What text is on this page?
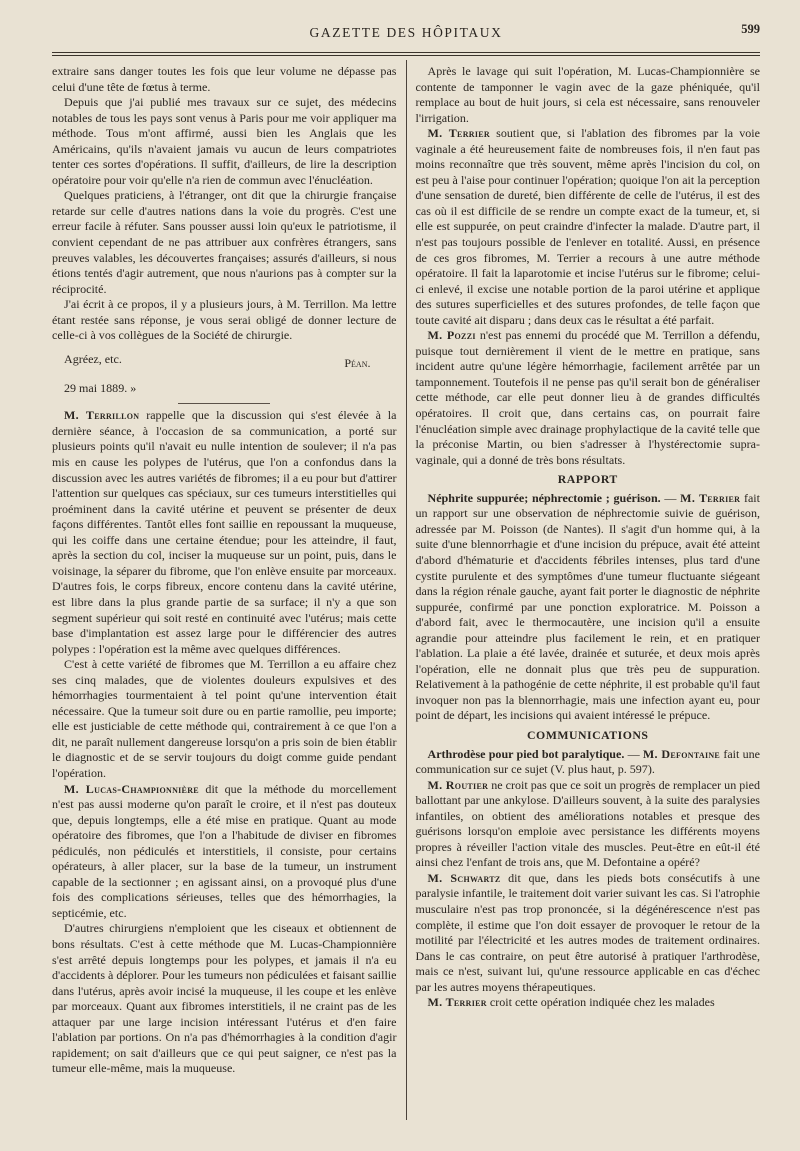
GAZETTE DES HÔPITAUX	599

extraire sans danger toutes les fois que leur volume ne dépasse pas celui d'une tête de fœtus à terme.

Depuis que j'ai publié mes travaux sur ce sujet, des médecins notables de tous les pays sont venus à Paris pour me voir appliquer ma méthode. Tous m'ont affirmé, aussi bien les Anglais que les Américains, qu'ils n'avaient jamais vu aucun de leurs compatriotes tenter ces sortes d'opérations. Il suffit, d'ailleurs, de lire la description opératoire pour voir qu'elle n'a rien de commun avec l'énucléation.

Quelques praticiens, à l'étranger, ont dit que la chirurgie française retarde sur celle d'autres nations dans la voie du progrès. C'est une erreur facile à réfuter. Sans pousser aussi loin qu'eux le patriotisme, il convient cependant de ne pas attribuer aux confrères étrangers, sans preuves valables, les découvertes françaises; assurés d'ailleurs, si nous étions tentés d'agir autrement, que nous n'aurions pas à compter sur la réciprocité.

J'ai écrit à ce propos, il y a plusieurs jours, à M. Terrillon. Ma lettre étant restée sans réponse, je vous serai obligé de donner lecture de celle-ci à vos collègues de la Société de chirurgie.

Agréez, etc.	Péan.
29 mai 1889. »

M. Terrillon rappelle que la discussion qui s'est élevée à la dernière séance, à l'occasion de sa communication, a porté sur plusieurs points qu'il n'avait eu nulle intention de soulever; il n'a pas mis en cause les polypes de l'utérus, que l'on a confondus dans la discussion avec les autres variétés de fibromes; il a eu pour but d'attirer l'attention sur quelques cas spéciaux, sur ces tumeurs interstitielles qui proéminent dans la cavité utérine et peuvent se présenter de deux façons différentes. Tantôt elles font saillie en repoussant la muqueuse, qui les coiffe dans une certaine étendue; pour les atteindre, il faut, après la section du col, inciser la muqueuse sur un point, puis, dans le voisinage, la séparer du fibrome, que l'on enlève ensuite par morceaux. D'autres fois, le corps fibreux, encore contenu dans la cavité utérine, est libre dans la plus grande partie de sa surface; il n'y a que son segment supérieur qui soit resté en continuité avec l'utérus; mais cette base d'implantation est assez large pour le différencier des autres polypes : l'opération est la même avec quelques différences.

C'est à cette variété de fibromes que M. Terrillon a eu affaire chez ses cinq malades, que de violentes douleurs expulsives et des hémorrhagies tourmentaient à tel point qu'une intervention était nécessaire. Que la tumeur soit dure ou en partie ramollie, peu importe; elle est justiciable de cette méthode qui, contrairement à ce que l'on a dit, ne paraît nullement dangereuse lorsqu'on a pris soin de bien établir le diagnostic et de se servir toujours du doigt comme guide pendant l'opération.

M. Lucas-Championnière dit que la méthode du morcellement n'est pas aussi moderne qu'on paraît le croire, et il n'est pas douteux que, depuis longtemps, elle a été mise en pratique. Quant au mode opératoire des fibromes, que l'on a l'habitude de diviser en fibromes pédiculés, non pédiculés et interstitiels, il consiste, pour certains opérateurs, à aller placer, sur la base de la tumeur, un instrument capable de la sectionner ; en agissant ainsi, on a provoqué plus d'une fois des complications sérieuses, telles que des hémorrhagies, la septicémie, etc.

D'autres chirurgiens n'emploient que les ciseaux et obtiennent de bons résultats. C'est à cette méthode que M. Lucas-Championnière s'est arrêté depuis longtemps pour les polypes, et jamais il n'a eu d'accidents à déplorer. Pour les tumeurs non pédiculées et faisant saillie dans l'utérus, après avoir incisé la muqueuse, il les coupe et les enlève par morceaux. Quant aux fibromes interstitiels, il ne craint pas de les attaquer par une large incision intéressant l'utérus et d'en faire l'ablation par portions. On n'a pas d'hémorrhagies à la condition d'agir rapidement; on sait d'ailleurs que ce qui peut saigner, ce n'est pas la tumeur elle-même, mais la muqueuse.

Après le lavage qui suit l'opération, M. Lucas-Championnière se contente de tamponner le vagin avec de la gaze phéniquée, qu'il remplace au bout de huit jours, si cela est nécessaire, sans renouveler l'irrigation.

M. Terrier soutient que, si l'ablation des fibromes par la voie vaginale a été heureusement faite de nombreuses fois, il n'en faut pas moins reconnaître que très souvent, même après l'incision du col, on est peu à l'aise pour continuer l'opération; quoique l'on ait la perception d'une sensation de dureté, bien différente de celle de l'utérus, il est des cas où il est difficile de se rendre un compte exact de la tumeur, et, si elle est suppurée, on peut craindre d'infecter la malade. D'autre part, il n'est pas toujours possible de l'enlever en totalité. Aussi, en présence de ces gros fibromes, M. Terrier a recours à une autre méthode opératoire. Il fait la laparotomie et incise l'utérus sur le fibrome; celui-ci enlevé, il excise une notable portion de la paroi utérine et applique des sutures superficielles et des sutures profondes, de telle façon que toute cavité ait disparu ; dans deux cas le résultat a été parfait.

M. Pozzi n'est pas ennemi du procédé que M. Terrillon a défendu, puisque tout dernièrement il vient de le mettre en pratique, sans incident autre qu'une légère hémorrhagie, facilement arrêtée par un tamponnement. Toutefois il ne pense pas qu'il serait bon de généraliser cette méthode, car elle peut donner lieu à de grandes difficultés opératoires. Il croit que, dans certains cas, on pourrait faire l'énucléation simple avec drainage prophylactique de la cavité telle que la préconise Martin, ou bien s'adresser à l'hystérectomie supra-vaginale, qui a donné de très bons résultats.

RAPPORT

Néphrite suppurée; néphrectomie ; guérison. — M. Terrier fait un rapport sur une observation de néphrectomie suivie de guérison, adressée par M. Poisson (de Nantes). Il s'agit d'un homme qui, à la suite d'une blennorrhagie et d'une incision du prépuce, avait été atteint d'abord d'hématurie et d'accidents fébriles intenses, plus tard d'une cystite purulente et des symptômes d'une tumeur fluctuante siégeant dans la région rénale gauche, ayant fait porter le diagnostic de néphrite suppurée, confirmé par une ponction exploratrice. M. Poisson a d'abord fait, avec le thermocautère, une incision qu'il a ensuite agrandie pour atteindre plus facilement le rein, et en pratiquer l'ablation. La plaie a été lavée, drainée et suturée, et deux mois après l'opération, elle ne donnait plus que très peu de suppuration. Relativement à la pathogénie de cette néphrite, il est probable qu'il faut invoquer non pas la blennorrhagie, mais une infection ayant eu, pour point de départ, les incisions qui avaient intéressé le prépuce.

COMMUNICATIONS

Arthrodèse pour pied bot paralytique. — M. Defontaine fait une communication sur ce sujet (V. plus haut, p. 597).

M. Routier ne croit pas que ce soit un progrès de remplacer un pied ballottant par une ankylose. D'ailleurs souvent, à la suite des paralysies infantiles, on obtient des améliorations notables et presque des guérisons lorsqu'on emploie avec persistance les différents moyens propres à réveiller l'action vitale des muscles. Peut-être en eût-il été ainsi chez l'enfant de trois ans, que M. Defontaine a opéré?

M. Schwartz dit que, dans les pieds bots consécutifs à une paralysie infantile, le traitement doit varier suivant les cas. Si l'atrophie musculaire n'est pas trop prononcée, si la dégénérescence n'est pas complète, il estime que l'on doit essayer de provoquer le retour de la motilité par l'électricité et les autres modes de traitement ordinaires. Dans le cas contraire, on peut être autorisé à pratiquer l'arthrodèse, mais ce n'est, suivant lui, qu'une ressource applicable en cas d'échec par les autres moyens thérapeutiques.

M. Terrier croit cette opération indiquée chez les malades
